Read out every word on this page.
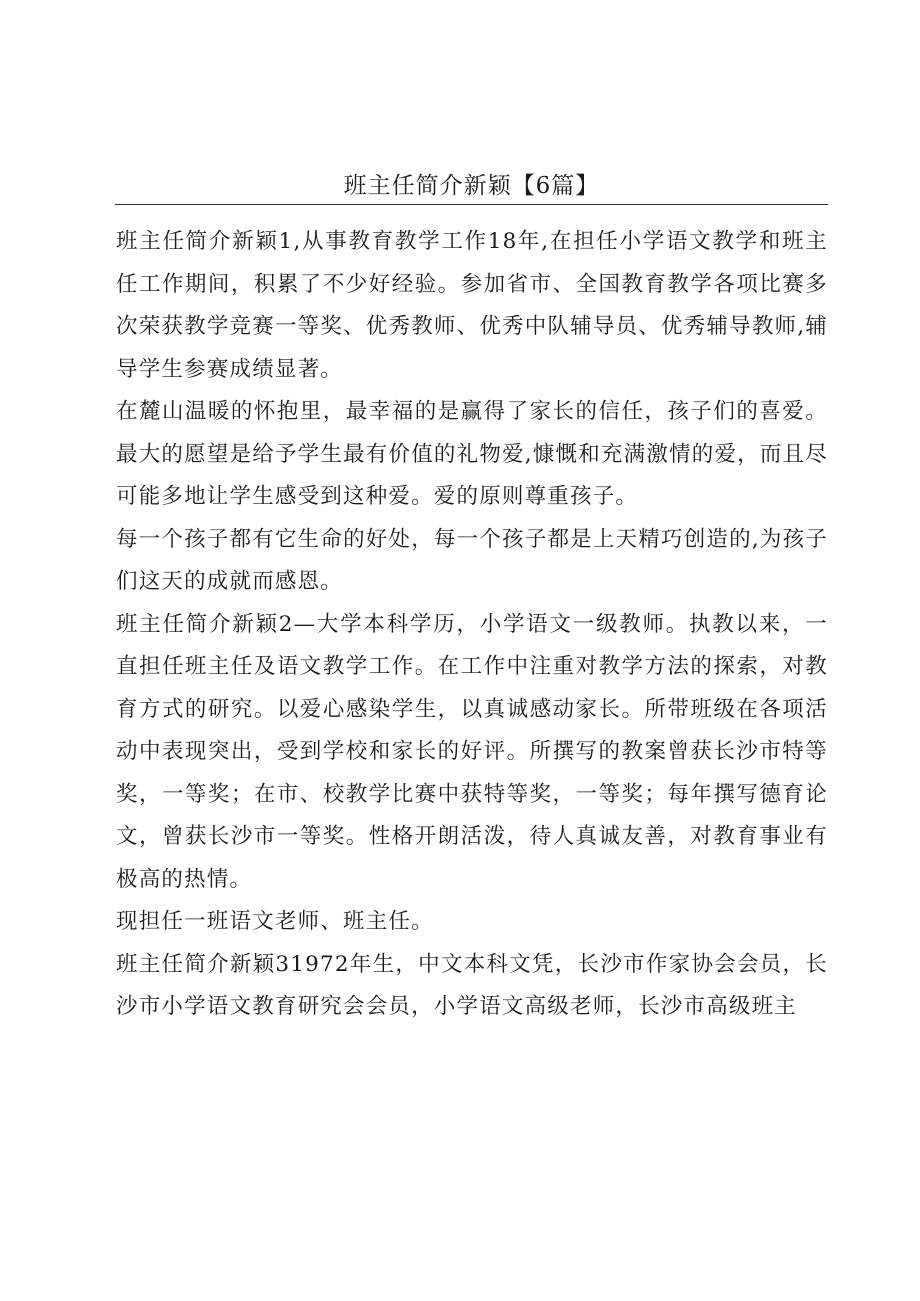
班主任简介新颖【6篇】

班主任简介新颖1,从事教育教学工作18年,在担任小学语文教学和班主任工作期间，积累了不少好经验。参加省市、全国教育教学各项比赛多次荣获教学竞赛一等奖、优秀教师、优秀中队辅导员、优秀辅导教师,辅导学生参赛成绩显著。

在麓山温暖的怀抱里，最幸福的是赢得了家长的信任，孩子们的喜爱。最大的愿望是给予学生最有价值的礼物爱,慷慨和充满激情的爱，而且尽可能多地让学生感受到这种爱。爱的原则尊重孩子。

每一个孩子都有它生命的好处，每一个孩子都是上天精巧创造的,为孩子们这天的成就而感恩。

班主任简介新颖2—大学本科学历，小学语文一级教师。执教以来，一直担任班主任及语文教学工作。在工作中注重对教学方法的探索，对教育方式的研究。以爱心感染学生，以真诚感动家长。所带班级在各项活动中表现突出，受到学校和家长的好评。所撰写的教案曾获长沙市特等奖，一等奖；在市、校教学比赛中获特等奖，一等奖；每年撰写德育论文，曾获长沙市一等奖。性格开朗活泼，待人真诚友善，对教育事业有极高的热情。

现担任一班语文老师、班主任。

班主任简介新颖31972年生，中文本科文凭，长沙市作家协会会员，长沙市小学语文教育研究会会员，小学语文高级老师，长沙市高级班主
